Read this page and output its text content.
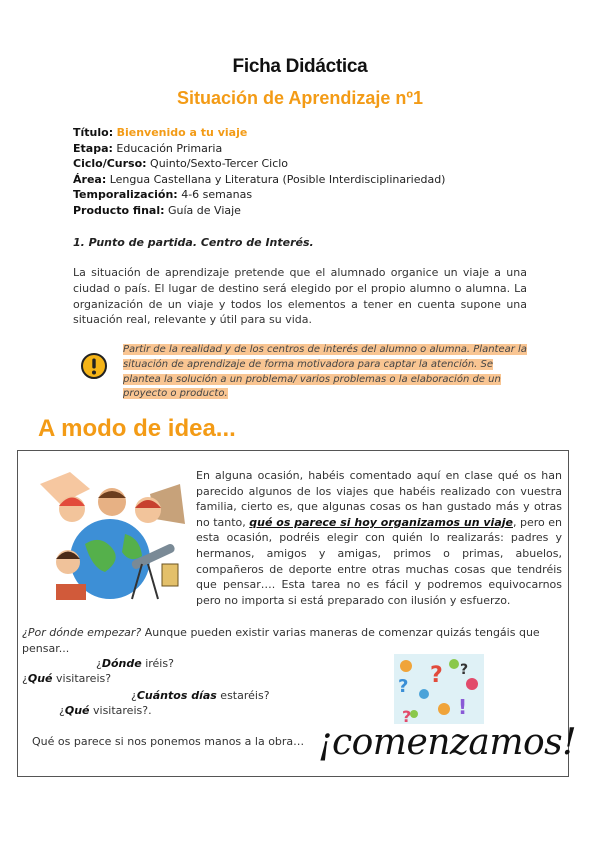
Ficha Didáctica
Situación de Aprendizaje nº1
Título: Bienvenido a tu viaje
Etapa: Educación Primaria
Ciclo/Curso: Quinto/Sexto-Tercer Ciclo
Área: Lengua Castellana y Literatura (Posible Interdisciplinariedad)
Temporalización: 4-6 semanas
Producto final: Guía de Viaje
1. Punto de partida. Centro de Interés.
La situación de aprendizaje pretende que el alumnado organice un viaje a una ciudad o país. El lugar de destino será elegido por el propio alumno o alumna. La organización de un viaje y todos los elementos a tener en cuenta supone una situación real, relevante y útil para su vida.
Partir de la realidad y de los centros de interés del alumno o alumna. Plantear la situación de aprendizaje de forma motivadora para captar la atención. Se plantea la solución a un problema/ varios problemas o la elaboración de un proyecto o producto.
A modo de idea...
En alguna ocasión, habéis comentado aquí en clase qué os han parecido algunos de los viajes que habéis realizado con vuestra familia, cierto es, que algunas cosas os han gustado más y otras no tanto, qué os parece si hoy organizamos un viaje, pero en esta ocasión, podréis elegir con quién lo realizarás: padres y hermanos, amigos y amigas, primos o primas, abuelos, compañeros de deporte entre otras muchas cosas que tendréis que pensar…. Esta tarea no es fácil y podremos equivocarnos pero no importa si está preparado con ilusión y esfuerzo.
¿Por dónde empezar? Aunque pueden existir varias maneras de comenzar quizás tengáis que pensar...
¿Dónde iréis?
¿Qué visitareis?
¿Cuántos días estaréis?
¿Qué visitareis?.
Qué os parece si nos ponemos manos a la obra…
?
?
!
?
?
¡comenzamos!
